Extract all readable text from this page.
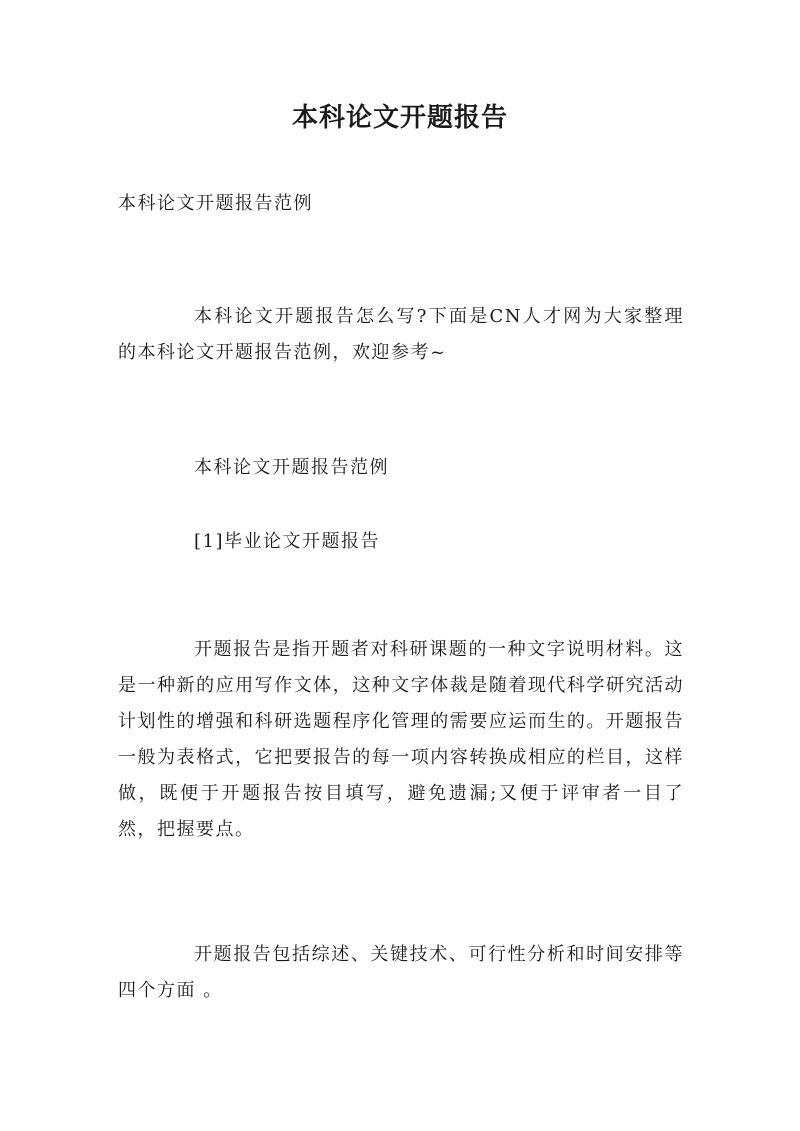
本科论文开题报告

本科论文开题报告范例

本科论文开题报告怎么写?下面是CN人才网为大家整理的本科论文开题报告范例，欢迎参考~

本科论文开题报告范例

[1]毕业论文开题报告

开题报告是指开题者对科研课题的一种文字说明材料。这是一种新的应用写作文体，这种文字体裁是随着现代科学研究活动计划性的增强和科研选题程序化管理的需要应运而生的。开题报告一般为表格式，它把要报告的每一项内容转换成相应的栏目，这样做，既便于开题报告按目填写，避免遗漏;又便于评审者一目了然，把握要点。

开题报告包括综述、关键技术、可行性分析和时间安排等四个方面 。
